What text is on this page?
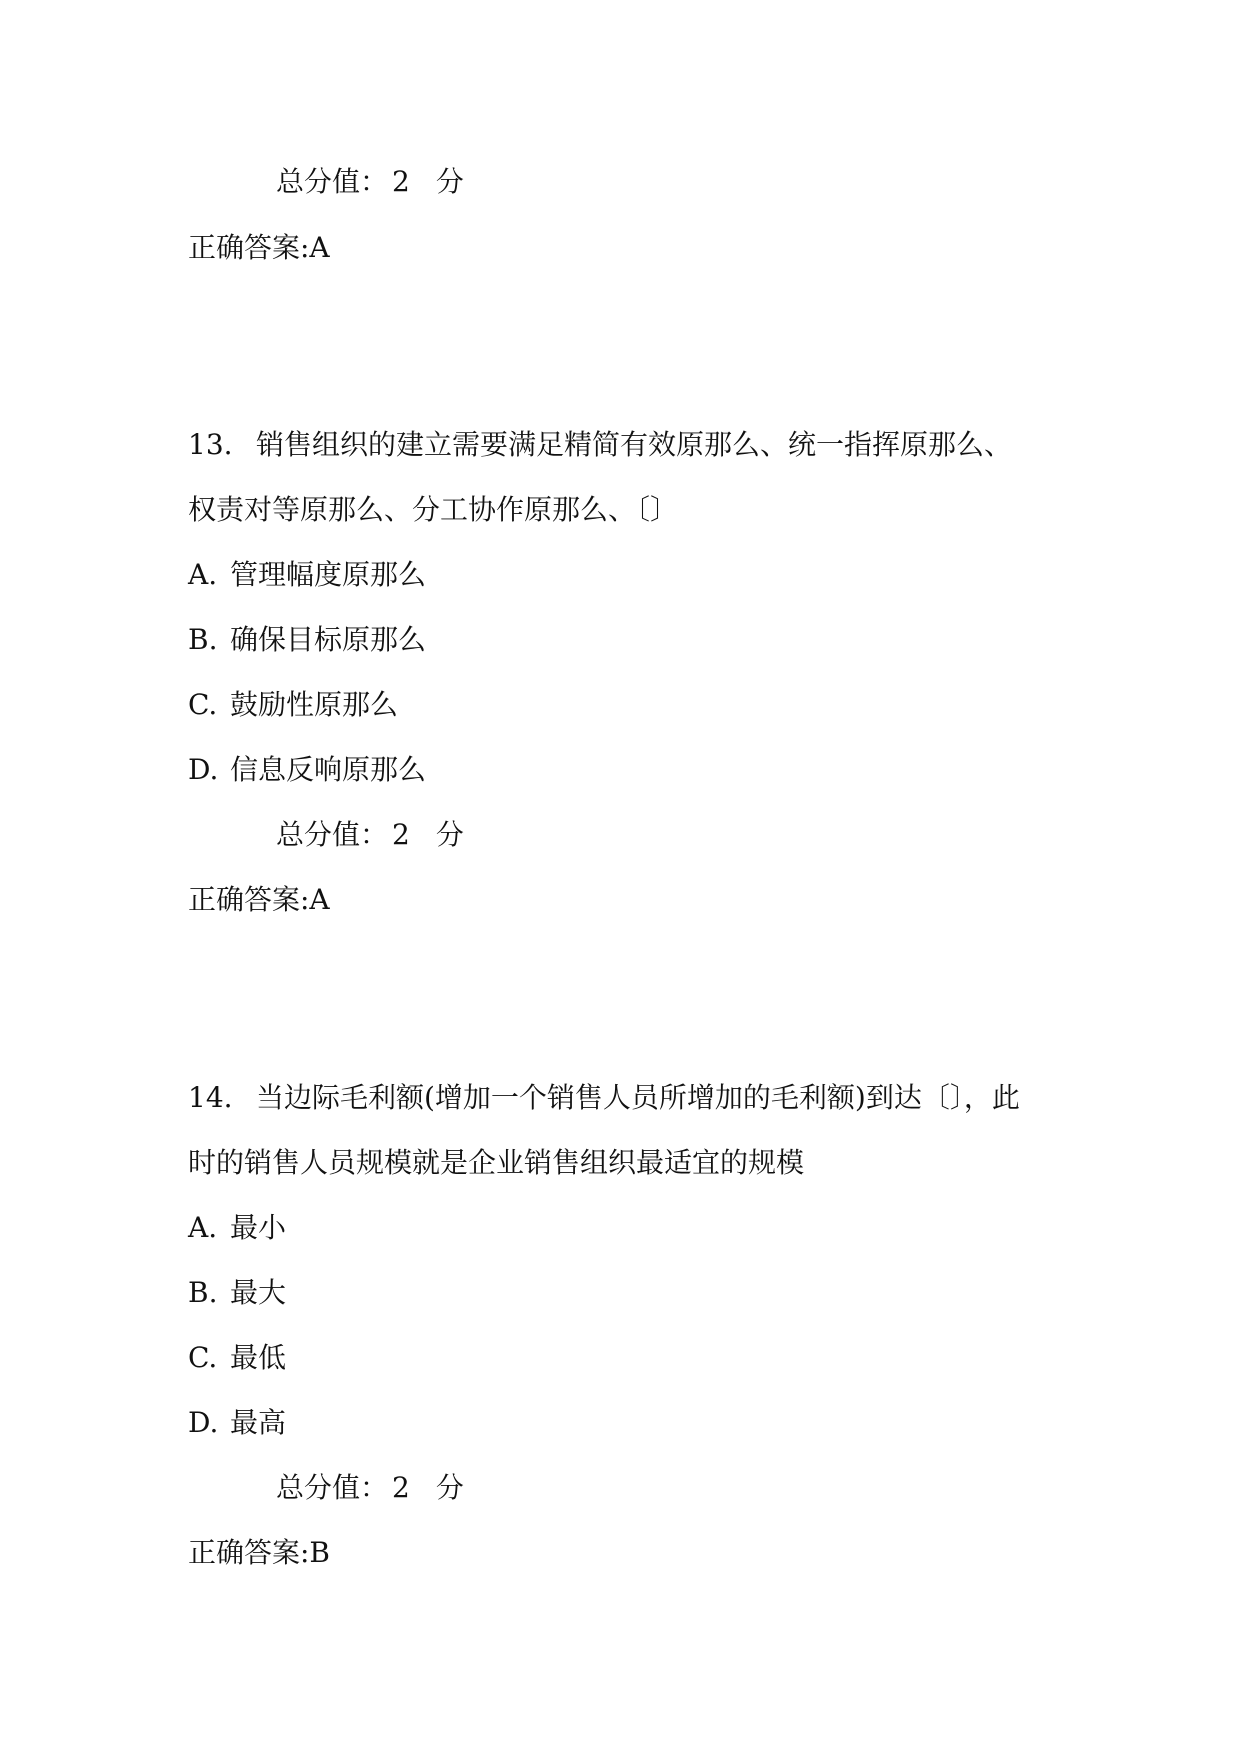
总分值： 2 分
正确答案:A
13. 销售组织的建立需要满足精简有效原那么、统一指挥原那么、
权责对等原那么、分工协作原那么、〔〕
A. 管理幅度原那么
B. 确保目标原那么
C. 鼓励性原那么
D. 信息反响原那么
总分值： 2 分
正确答案:A
14. 当边际毛利额(增加一个销售人员所增加的毛利额)到达〔〕，此
时的销售人员规模就是企业销售组织最适宜的规模
A. 最小
B. 最大
C. 最低
D. 最高
总分值： 2 分
正确答案:B
